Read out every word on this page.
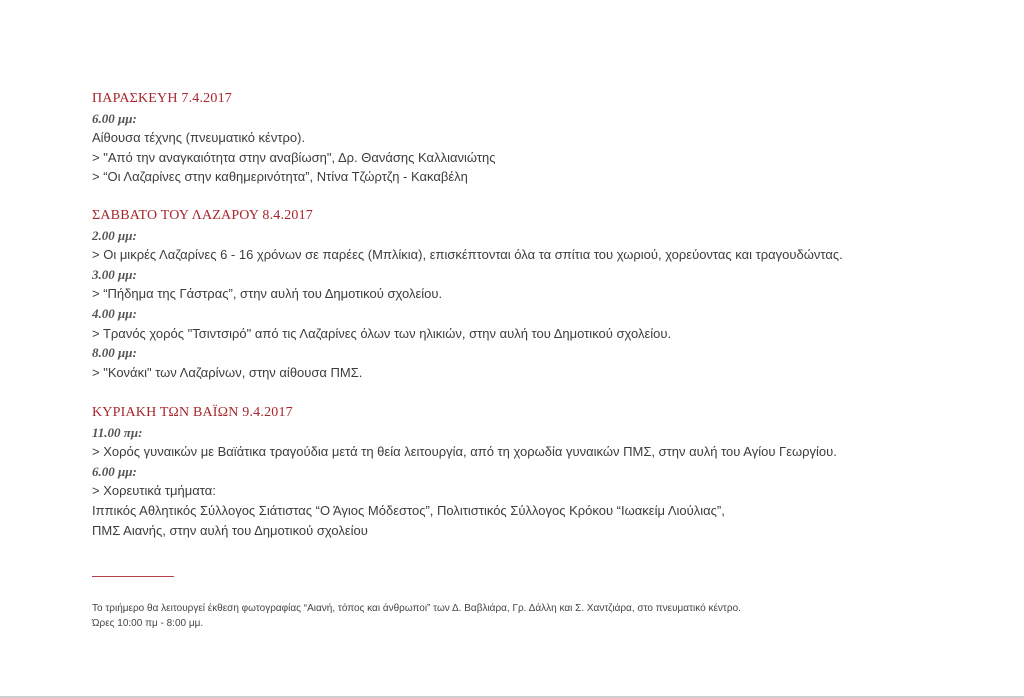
ΠΑΡΑΣΚΕΥΗ 7.4.2017
6.00 μμ:
Αίθουσα τέχνης (πνευματικό κέντρο).
> "Από την αναγκαιότητα στην αναβίωση", Δρ. Θανάσης Καλλιανιώτης
> “Οι Λαζαρίνες στην καθημερινότητα”, Ντίνα Τζώρτζη - Κακαβέλη
ΣΑΒΒΑΤΟ ΤΟΥ ΛΑΖΑΡΟΥ 8.4.2017
2.00 μμ:
> Οι μικρές Λαζαρίνες 6 - 16 χρόνων σε παρέες (Μπλίκια), επισκέπτονται όλα τα σπίτια του χωριού, χορεύοντας και τραγουδώντας.
3.00 μμ:
> “Πήδημα της Γάστρας”, στην αυλή του Δημοτικού σχολείου.
4.00 μμ:
> Τρανός χορός "Τσιντσιρό" από τις Λαζαρίνες όλων των ηλικιών, στην αυλή του Δημοτικού σχολείου.
8.00 μμ:
> "Κονάκι" των Λαζαρίνων, στην αίθουσα ΠΜΣ.
ΚΥΡΙΑΚΗ ΤΩΝ ΒΑΪΩΝ 9.4.2017
11.00 πμ:
> Χορός γυναικών με Βαϊάτικα τραγούδια μετά τη θεία λειτουργία, από τη χορωδία γυναικών ΠΜΣ, στην αυλή του Αγίου Γεωργίου.
6.00 μμ:
> Χορευτικά τμήματα:
Ιππικός Αθλητικός Σύλλογος Σιάτιστας “Ο Άγιος Μόδεστος”, Πολιτιστικός Σύλλογος Κρόκου “Ιωακείμ Λιούλιας”,
ΠΜΣ Αιανής, στην αυλή του Δημοτικού σχολείου
Το τριήμερο θα λειτουργεί έκθεση φωτογραφίας “Αιανή, τόπος και άνθρωποι” των Δ. Βαβλιάρα, Γρ. Δάλλη και Σ. Χαντζιάρα, στο πνευματικό κέντρο.
Ώρες 10:00 πμ - 8:00 μμ.
